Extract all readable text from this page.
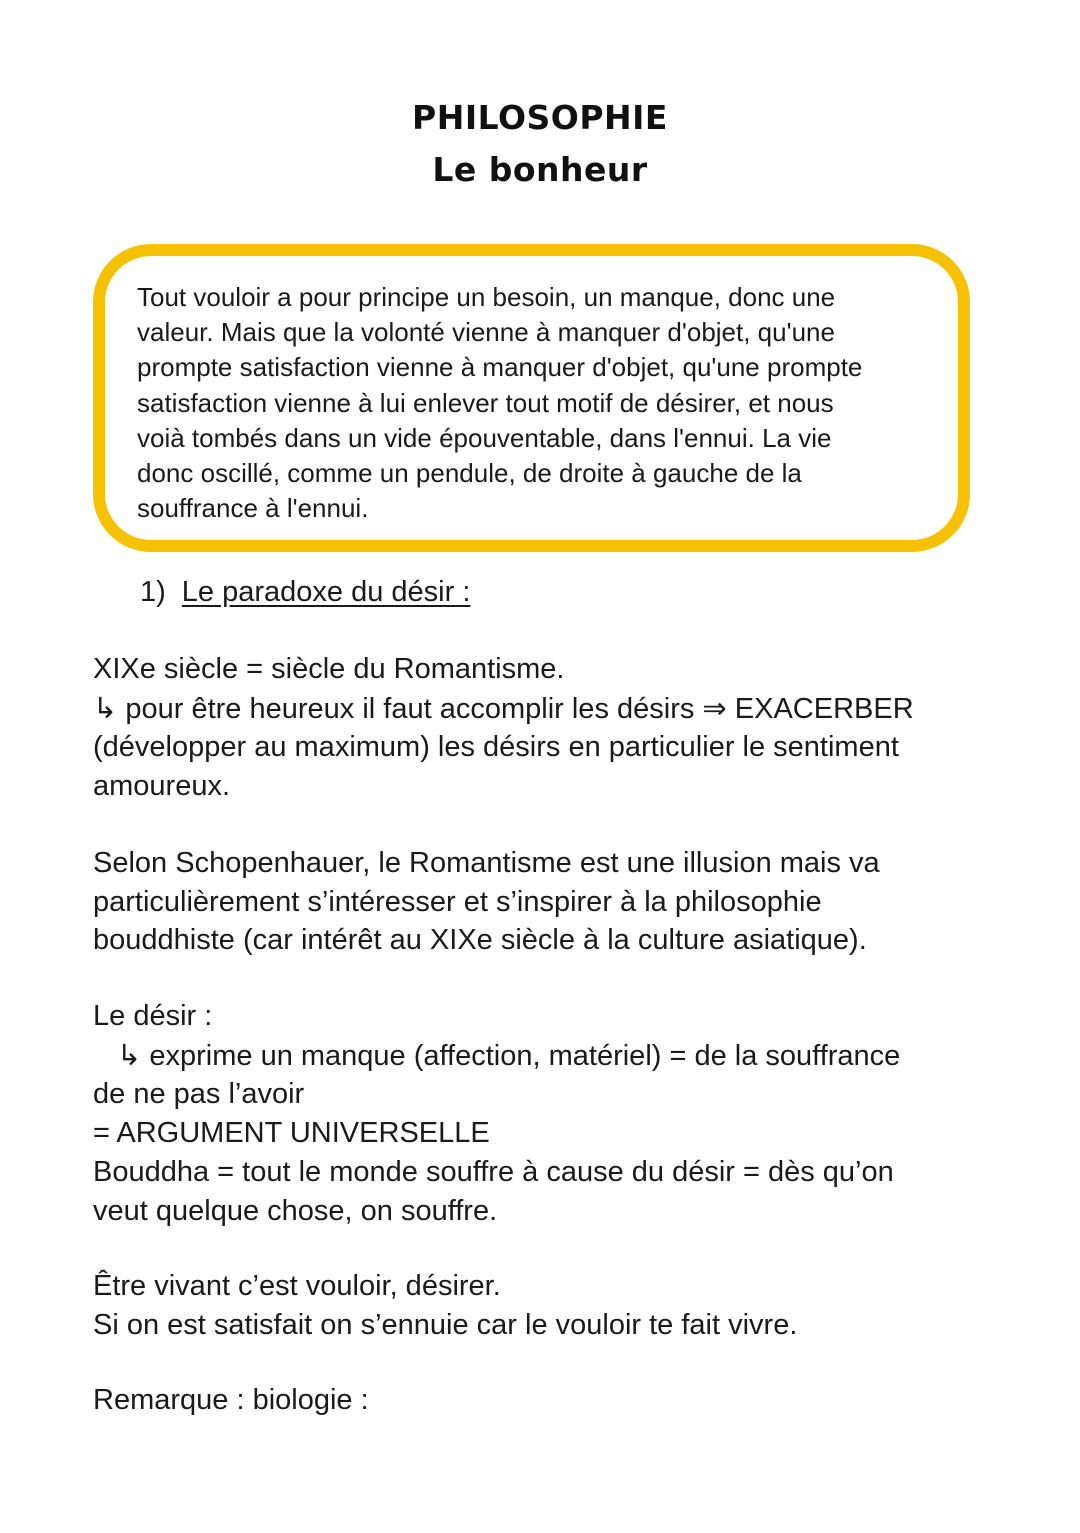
PHILOSOPHIE
Le bonheur

Tout vouloir a pour principe un besoin, un manque, donc une
valeur. Mais que la volonté vienne à manquer d'objet, qu'une
prompte satisfaction vienne à manquer d'objet, qu'une prompte
satisfaction vienne à lui enlever tout motif de désirer, et nous
voià tombés dans un vide épouventable, dans l'ennui. La vie
donc oscillé, comme un pendule, de droite à gauche de la
souffrance à l'ennui.

1) Le paradoxe du désir :

XIXe siècle = siècle du Romantisme.
↳ pour être heureux il faut accomplir les désirs ⇒ EXACERBER
(développer au maximum) les désirs en particulier le sentiment
amoureux.

Selon Schopenhauer, le Romantisme est une illusion mais va
particulièrement s’intéresser et s’inspirer à la philosophie
bouddhiste (car intérêt au XIXe siècle à la culture asiatique).

Le désir :
↳ exprime un manque (affection, matériel) = de la souffrance
de ne pas l’avoir
= ARGUMENT UNIVERSELLE
Bouddha = tout le monde souffre à cause du désir = dès qu’on
veut quelque chose, on souffre.

Être vivant c’est vouloir, désirer.
Si on est satisfait on s’ennuie car le vouloir te fait vivre.

Remarque : biologie :
